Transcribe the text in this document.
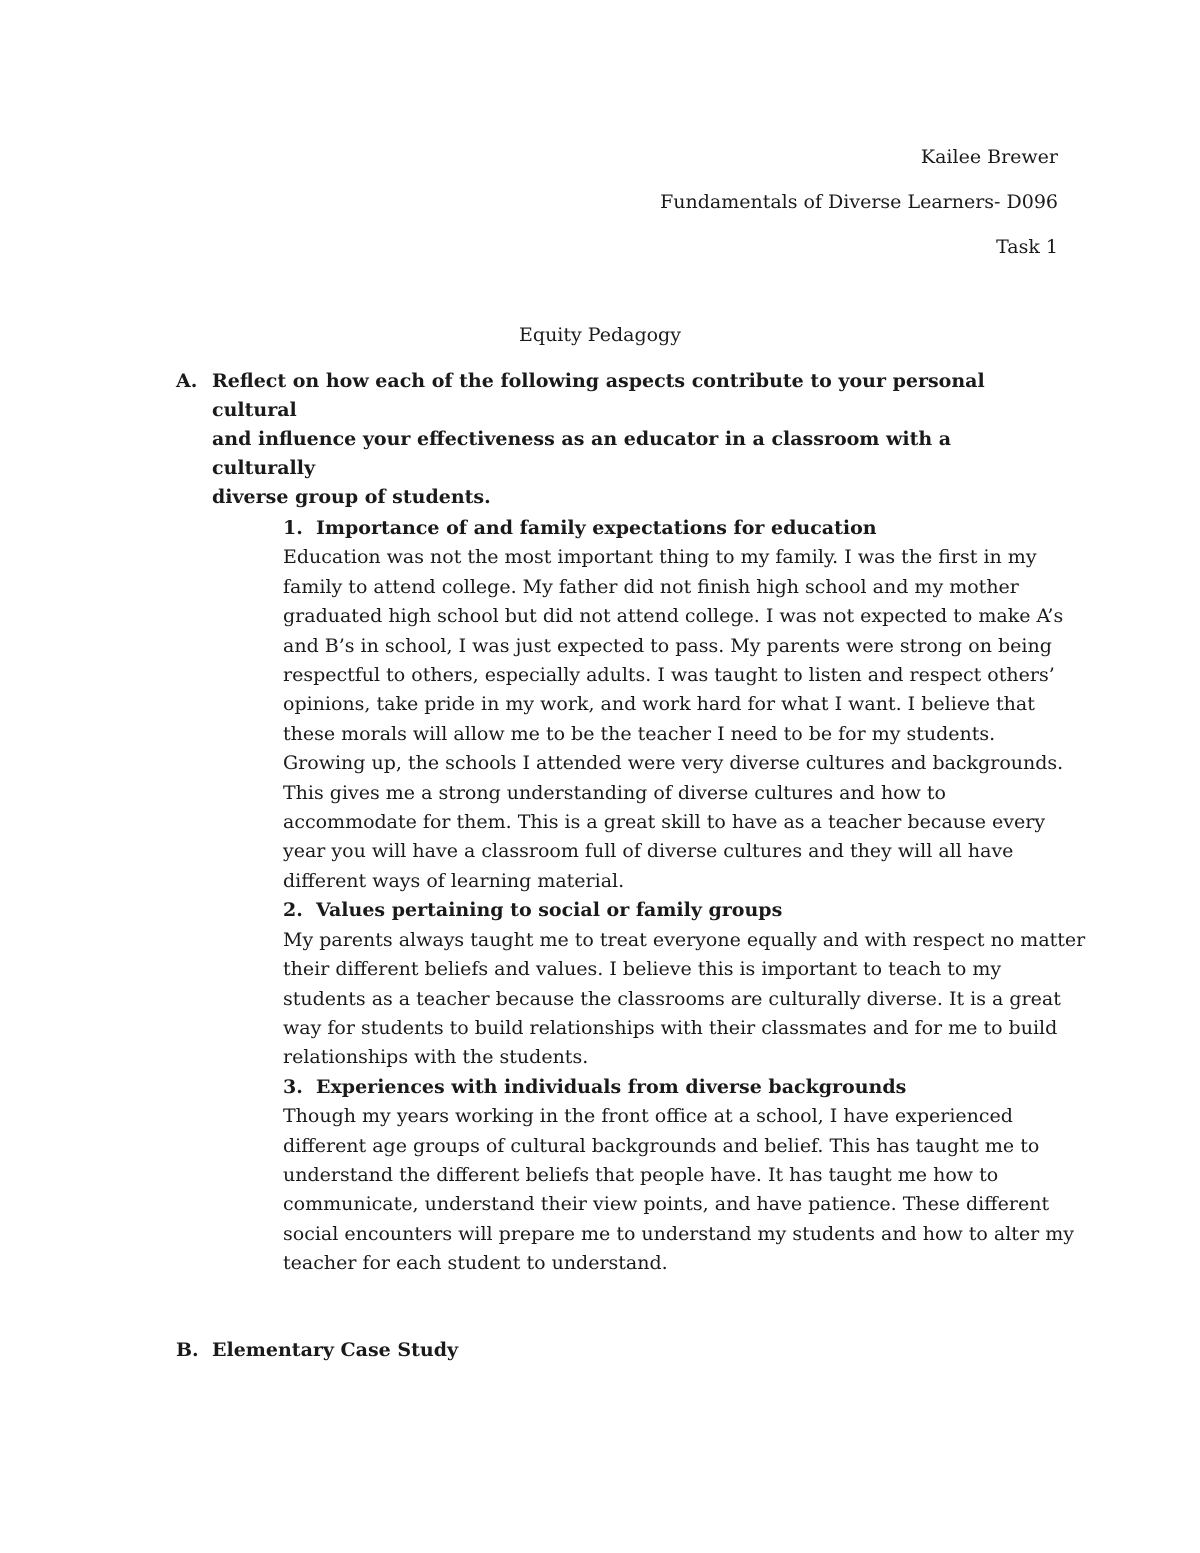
Kailee Brewer
Fundamentals of Diverse Learners- D096
Task 1
Equity Pedagogy
A. Reflect on how each of the following aspects contribute to your personal cultural
and influence your effectiveness as an educator in a classroom with a culturally
diverse group of students.
1. Importance of and family expectations for education
Education was not the most important thing to my family. I was the first in my
family to attend college. My father did not finish high school and my mother
graduated high school but did not attend college. I was not expected to make A’s
and B’s in school, I was just expected to pass. My parents were strong on being
respectful to others, especially adults. I was taught to listen and respect others’
opinions, take pride in my work, and work hard for what I want. I believe that
these morals will allow me to be the teacher I need to be for my students.
Growing up, the schools I attended were very diverse cultures and backgrounds.
This gives me a strong understanding of diverse cultures and how to
accommodate for them. This is a great skill to have as a teacher because every
year you will have a classroom full of diverse cultures and they will all have
different ways of learning material.
2. Values pertaining to social or family groups
My parents always taught me to treat everyone equally and with respect no matter
their different beliefs and values. I believe this is important to teach to my
students as a teacher because the classrooms are culturally diverse. It is a great
way for students to build relationships with their classmates and for me to build
relationships with the students.
3. Experiences with individuals from diverse backgrounds
Though my years working in the front office at a school, I have experienced
different age groups of cultural backgrounds and belief. This has taught me to
understand the different beliefs that people have. It has taught me how to
communicate, understand their view points, and have patience. These different
social encounters will prepare me to understand my students and how to alter my
teacher for each student to understand.
B. Elementary Case Study
